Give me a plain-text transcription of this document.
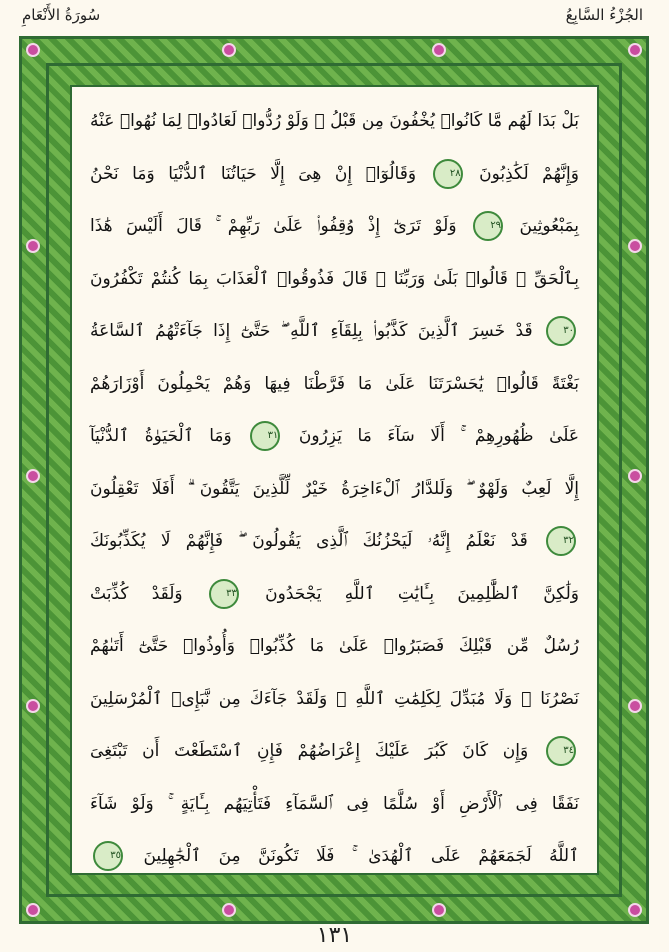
الجُزْءُ السَّابِعُ
سُورَةُ الأَنْعَامِ
بَلْ بَدَا لَهُم مَّا كَانُوا۟ يُخْفُونَ مِن قَبْلُ ۖ وَلَوْ رُدُّوا۟ لَعَادُوا۟ لِمَا نُهُوا۟ عَنْهُ
وَإِنَّهُمْ لَكَٰذِبُونَ ٢٨ وَقَالُوٓا۟ إِنْ هِىَ إِلَّا حَيَاتُنَا ٱلدُّنْيَا وَمَا نَحْنُ
بِمَبْعُوثِينَ ٢٩ وَلَوْ تَرَىٰٓ إِذْ وُقِفُوا۟ عَلَىٰ رَبِّهِمْ ۚ قَالَ أَلَيْسَ هَٰذَا
بِٱلْحَقِّ ۚ قَالُوا۟ بَلَىٰ وَرَبِّنَا ۚ قَالَ فَذُوقُوا۟ ٱلْعَذَابَ بِمَا كُنتُمْ تَكْفُرُونَ
٣٠ قَدْ خَسِرَ ٱلَّذِينَ كَذَّبُوا۟ بِلِقَآءِ ٱللَّهِ ۖ حَتَّىٰٓ إِذَا جَآءَتْهُمُ ٱلسَّاعَةُ
بَغْتَةً قَالُوا۟ يَٰحَسْرَتَنَا عَلَىٰ مَا فَرَّطْنَا فِيهَا وَهُمْ يَحْمِلُونَ أَوْزَارَهُمْ
عَلَىٰ ظُهُورِهِمْ ۚ أَلَا سَآءَ مَا يَزِرُونَ ٣١ وَمَا ٱلْحَيَوٰةُ ٱلدُّنْيَآ
إِلَّا لَعِبٌ وَلَهْوٌ ۖ وَلَلدَّارُ ٱلْءَاخِرَةُ خَيْرٌ لِّلَّذِينَ يَتَّقُونَ ۗ أَفَلَا تَعْقِلُونَ
٣٢ قَدْ نَعْلَمُ إِنَّهُۥ لَيَحْزُنُكَ ٱلَّذِى يَقُولُونَ ۖ فَإِنَّهُمْ لَا يُكَذِّبُونَكَ
وَلَٰكِنَّ ٱلظَّٰلِمِينَ بِـَٔايَٰتِ ٱللَّهِ يَجْحَدُونَ ٣٣ وَلَقَدْ كُذِّبَتْ
رُسُلٌ مِّن قَبْلِكَ فَصَبَرُوا۟ عَلَىٰ مَا كُذِّبُوا۟ وَأُوذُوا۟ حَتَّىٰٓ أَتَىٰهُمْ
نَصْرُنَا ۚ وَلَا مُبَدِّلَ لِكَلِمَٰتِ ٱللَّهِ ۚ وَلَقَدْ جَآءَكَ مِن نَّبَإِى۟ ٱلْمُرْسَلِينَ
٣٤ وَإِن كَانَ كَبُرَ عَلَيْكَ إِعْرَاضُهُمْ فَإِنِ ٱسْتَطَعْتَ أَن تَبْتَغِىَ
نَفَقًا فِى ٱلْأَرْضِ أَوْ سُلَّمًا فِى ٱلسَّمَآءِ فَتَأْتِيَهُم بِـَٔايَةٍ ۚ وَلَوْ شَآءَ
ٱللَّهُ لَجَمَعَهُمْ عَلَى ٱلْهُدَىٰ ۚ فَلَا تَكُونَنَّ مِنَ ٱلْجَٰهِلِينَ ٣٥
١٣١
